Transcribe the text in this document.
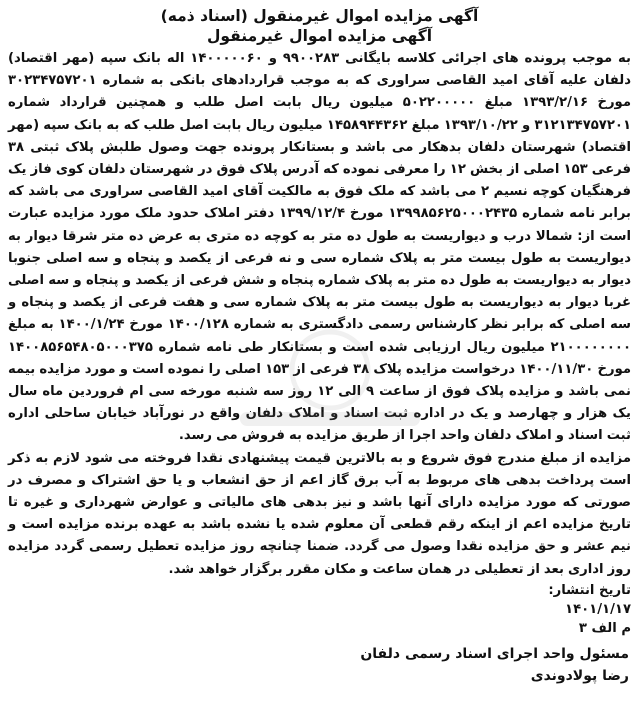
آگهی مزایده اموال غیرمنقول (اسناد ذمه)
آگهی مزایده اموال غیرمنقول

به موجب پرونده های اجرائی کلاسه بایگانی ۹۹۰۰۲۸۳ و ۱۴۰۰۰۰۰۶۰ اله بانک سپه (مهر اقتصاد) دلفان علیه آقای امید القاصی سراوری که به موجب قراردادهای بانکی به شماره ۳۰۲۳۴۷۵۷۲۰۱ مورخ ۱۳۹۳/۲/۱۶ مبلغ ۵۰۲۲۰۰۰۰۰ میلیون ریال بابت اصل طلب و همچنین قرارداد شماره ۳۱۲۱۳۴۷۵۷۲۰۱ و ۱۳۹۳/۱۰/۲۲ مبلغ ۱۴۵۸۹۴۴۳۶۲ میلیون ریال بابت اصل طلب که به بانک سپه (مهر اقتصاد) شهرستان دلفان بدهکار می باشد و بستانکار پرونده جهت وصول طلبش پلاک ثبتی ۳۸ فرعی ۱۵۳ اصلی از بخش ۱۲ را معرفی نموده که آدرس پلاک فوق در شهرستان دلفان کوی فاز یک فرهنگیان کوچه نسیم ۲ می باشد که ملک فوق به مالکیت آقای امید القاصی سراوری می باشد که برابر نامه شماره ۱۳۹۹۸۵۶۲۵۰۰۰۲۴۳۵ مورخ ۱۳۹۹/۱۲/۴ دفتر املاک حدود ملک مورد مزایده عبارت است از: شمالا درب و دیواریست به طول ده متر به کوچه ده متری به عرض ده متر شرقا دیوار به دیواریست به طول بیست متر به پلاک شماره سی و نه فرعی از یکصد و پنجاه و سه اصلی جنوبا دیوار به دیواریست به طول ده متر به پلاک شماره پنجاه و شش فرعی از یکصد و پنجاه و سه اصلی غربا دیوار به دیواریست به طول بیست متر به پلاک شماره سی و هفت فرعی از یکصد و پنجاه و سه اصلی که برابر نظر کارشناس رسمی دادگستری به شماره ۱۴۰۰/۱۲۸ مورخ ۱۴۰۰/۱/۲۴ به مبلغ ۲۱۰۰۰۰۰۰۰۰ میلیون ریال ارزیابی شده است و بستانکار طی نامه شماره ۱۴۰۰۸۵۶۵۴۸۰۵۰۰۰۳۷۵ مورخ ۱۴۰۰/۱۱/۳۰ درخواست مزایده پلاک ۳۸ فرعی از ۱۵۳ اصلی را نموده است و مورد مزایده بیمه نمی باشد و مزایده پلاک فوق از ساعت ۹ الی ۱۲ روز سه شنبه مورخه سی ام فروردین ماه سال یک هزار و چهارصد و یک در اداره ثبت اسناد و املاک دلفان واقع در نورآباد خیابان ساحلی اداره ثبت اسناد و املاک دلفان واحد اجرا از طریق مزایده به فروش می رسد.

مزایده از مبلغ مندرج فوق شروع و به بالاترین قیمت پیشنهادی نقدا فروخته می شود لازم به ذکر است پرداخت بدهی های مربوط به آب برق گاز اعم از حق انشعاب و یا حق اشتراک و مصرف در صورتی که مورد مزایده دارای آنها باشد و نیز بدهی های مالیاتی و عوارض شهرداری و غیره تا تاریخ مزایده اعم از اینکه رقم قطعی آن معلوم شده یا نشده باشد به عهده برنده مزایده است و نیم عشر و حق مزایده نقدا وصول می گردد. ضمنا چنانچه روز مزایده تعطیل رسمی گردد مزایده روز اداری بعد از تعطیلی در همان ساعت و مکان مقرر برگزار خواهد شد.

تاریخ انتشار:
۱۴۰۱/۱/۱۷
م الف ۳
مسئول واحد اجرای اسناد رسمی دلفان
رضا پولادوندی
